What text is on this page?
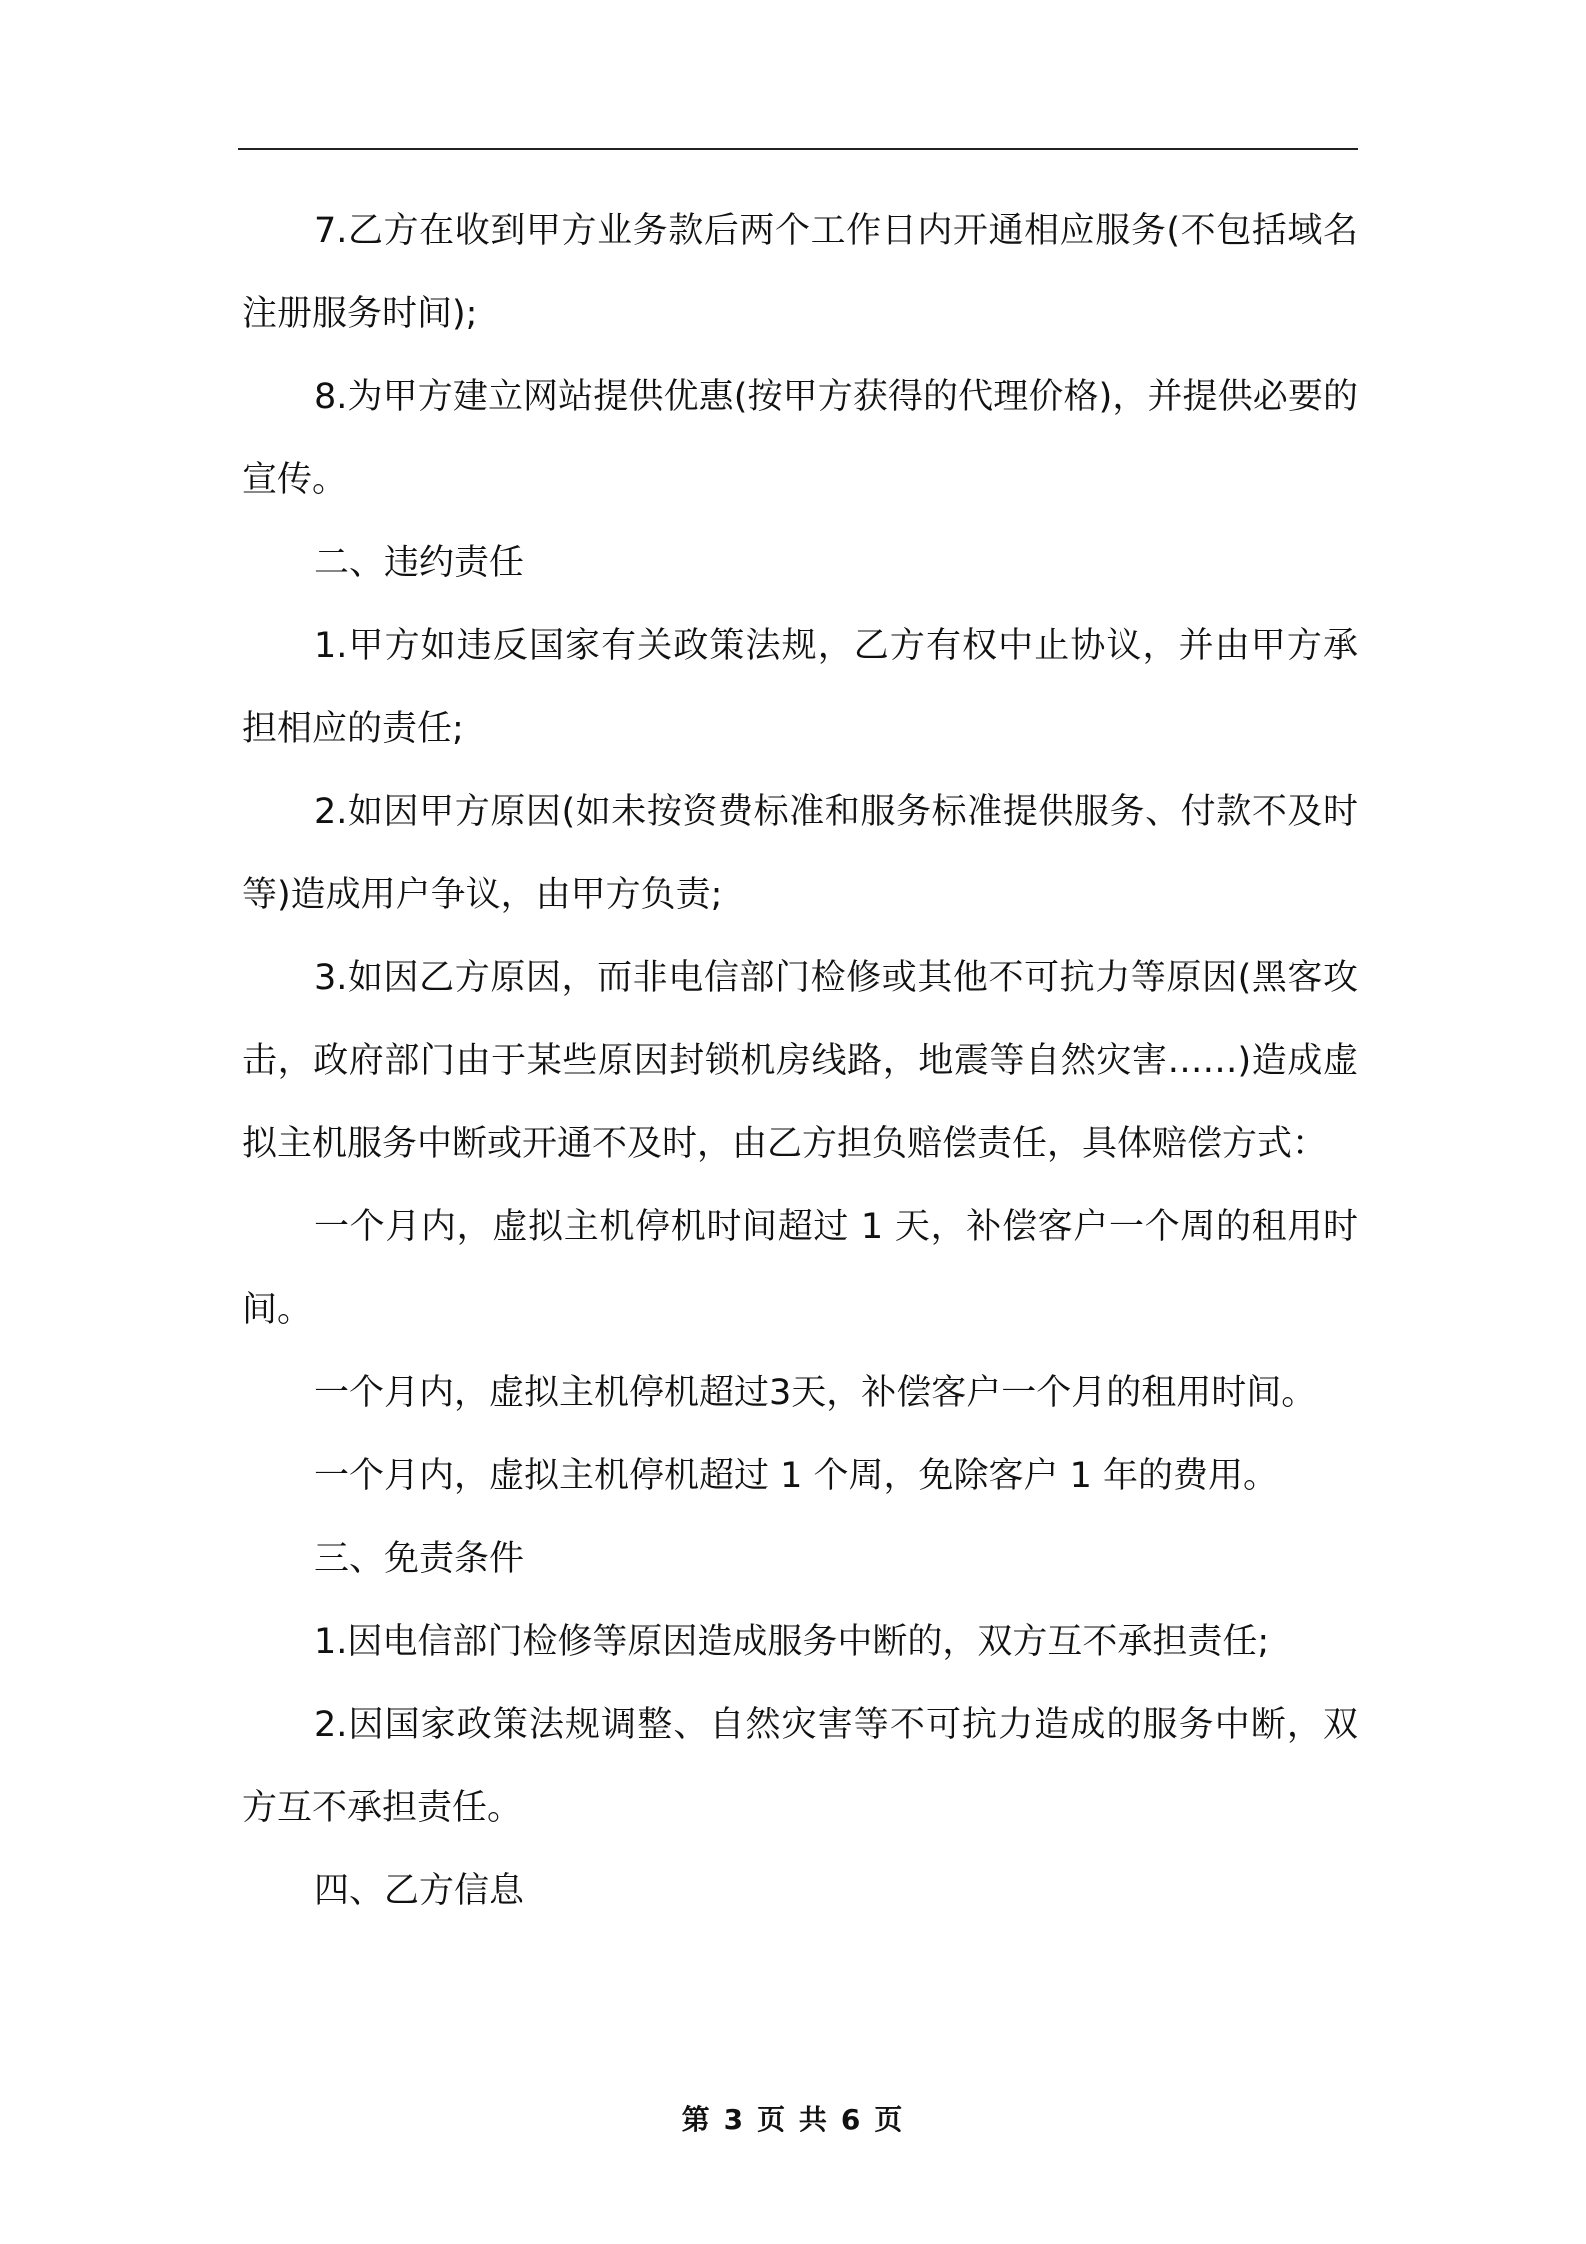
7.乙方在收到甲方业务款后两个工作日内开通相应服务(不包括域名注册服务时间);

8.为甲方建立网站提供优惠(按甲方获得的代理价格)，并提供必要的宣传。

二、违约责任

1.甲方如违反国家有关政策法规，乙方有权中止协议，并由甲方承担相应的责任;

2.如因甲方原因(如未按资费标准和服务标准提供服务、付款不及时等)造成用户争议，由甲方负责;

3.如因乙方原因，而非电信部门检修或其他不可抗力等原因(黑客攻击，政府部门由于某些原因封锁机房线路，地震等自然灾害……)造成虚拟主机服务中断或开通不及时，由乙方担负赔偿责任，具体赔偿方式：

一个月内，虚拟主机停机时间超过 1 天，补偿客户一个周的租用时间。

一个月内，虚拟主机停机超过3天，补偿客户一个月的租用时间。

一个月内，虚拟主机停机超过 1 个周，免除客户 1 年的费用。

三、免责条件

1.因电信部门检修等原因造成服务中断的，双方互不承担责任;

2.因国家政策法规调整、自然灾害等不可抗力造成的服务中断，双方互不承担责任。

四、乙方信息

第 3 页 共 6 页
